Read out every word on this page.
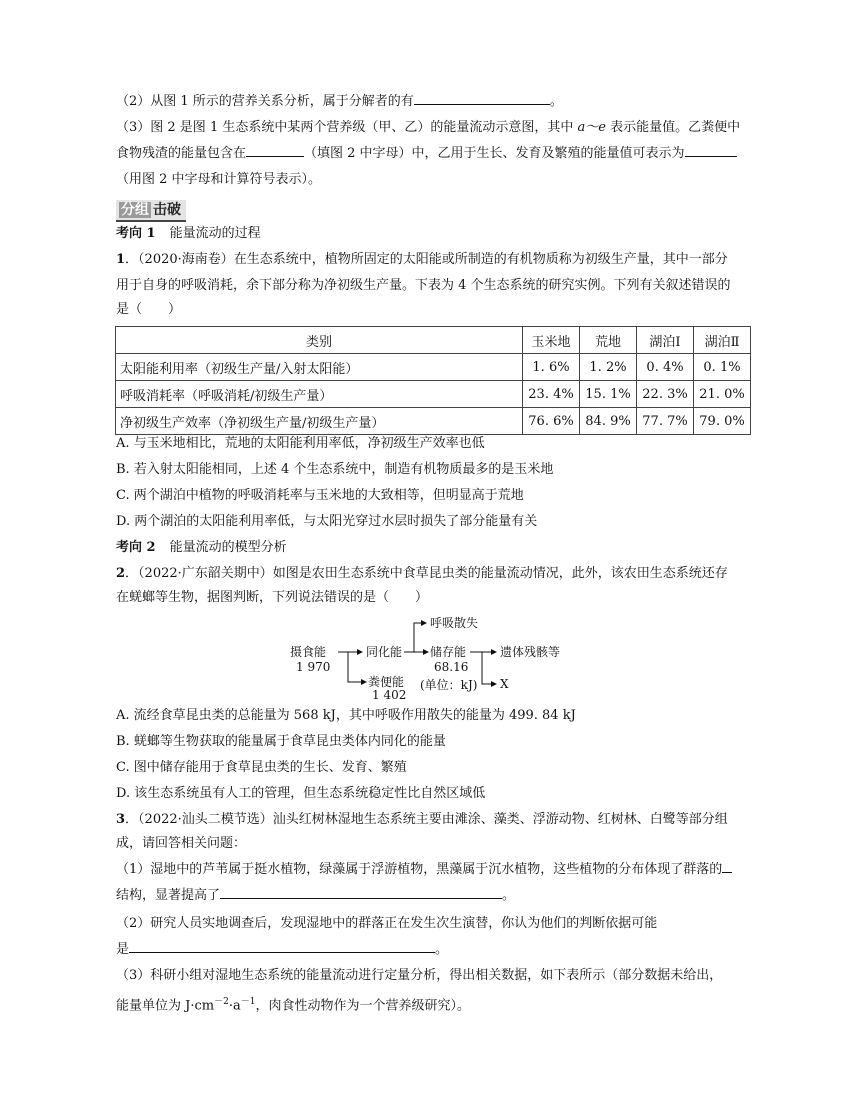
（2）从图 1 所示的营养关系分析，属于分解者的有	。
（3）图 2 是图 1 生态系统中某两个营养级（甲、乙）的能量流动示意图，其中 a～e 表示能量值。乙粪便中
食物残渣的能量包含在	（填图 2 中字母）中，乙用于生长、发育及繁殖的能量值可表示为
（用图 2 中字母和计算符号表示）。
分组 击破
考向 1 能量流动的过程
1．（2020·海南卷）在生态系统中，植物所固定的太阳能或所制造的有机物质称为初级生产量，其中一部分
用于自身的呼吸消耗，余下部分称为净初级生产量。下表为 4 个生态系统的研究实例。下列有关叙述错误的
是（　　）
类别	玉米地	荒地	湖泊Ⅰ	湖泊Ⅱ
太阳能利用率（初级生产量/入射太阳能）	1. 6%	1. 2%	0. 4%	0. 1%
呼吸消耗率（呼吸消耗/初级生产量）	23. 4%	15. 1%	22. 3%	21. 0%
净初级生产效率（净初级生产量/初级生产量）	76. 6%	84. 9%	77. 7%	79. 0%
A. 与玉米地相比，荒地的太阳能利用率低，净初级生产效率也低
B. 若入射太阳能相同，上述 4 个生态系统中，制造有机物质最多的是玉米地
C. 两个湖泊中植物的呼吸消耗率与玉米地的大致相等，但明显高于荒地
D. 两个湖泊的太阳能利用率低，与太阳光穿过水层时损失了部分能量有关
考向 2 能量流动的模型分析
2．（2022·广东韶关期中）如图是农田生态系统中食草昆虫类的能量流动情况，此外，该农田生态系统还存
在蜣螂等生物，据图判断，下列说法错误的是（　　）
摄食能
1 970
同化能
呼吸散失
储存能
68.16
遗体残骸等
粪便能
1 402
(单位：kJ) X
A. 流经食草昆虫类的总能量为 568 kJ，其中呼吸作用散失的能量为 499. 84 kJ
B. 蜣螂等生物获取的能量属于食草昆虫类体内同化的能量
C. 图中储存能用于食草昆虫类的生长、发育、繁殖
D. 该生态系统虽有人工的管理，但生态系统稳定性比自然区域低
3．（2022·汕头二模节选）汕头红树林湿地生态系统主要由滩涂、藻类、浮游动物、红树林、白鹭等部分组
成，请回答相关问题：
（1）湿地中的芦苇属于挺水植物，绿藻属于浮游植物，黑藻属于沉水植物，这些植物的分布体现了群落的
结构，显著提高了	。
（2）研究人员实地调查后，发现湿地中的群落正在发生次生演替，你认为他们的判断依据可能
是	。
（3）科研小组对湿地生态系统的能量流动进行定量分析，得出相关数据，如下表所示（部分数据未给出，
能量单位为 $J\cdot cm^{-2}\cdot a^{-1}$，肉食性动物作为一个营养级研究）。
